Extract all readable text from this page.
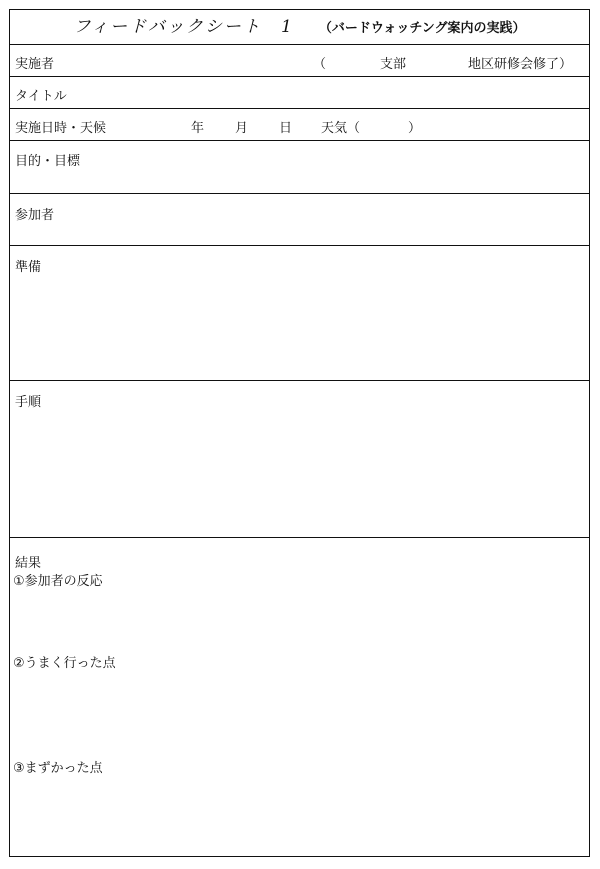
フィードバックシート 1 （バードウォッチング案内の実践）
実施者	（	支部	地区研修会修了）
タイトル
実施日時・天候	年 月 日 天気（	）
目的・目標
参加者
準備
手順
結果
①参加者の反応
②うまく行った点
③まずかった点
